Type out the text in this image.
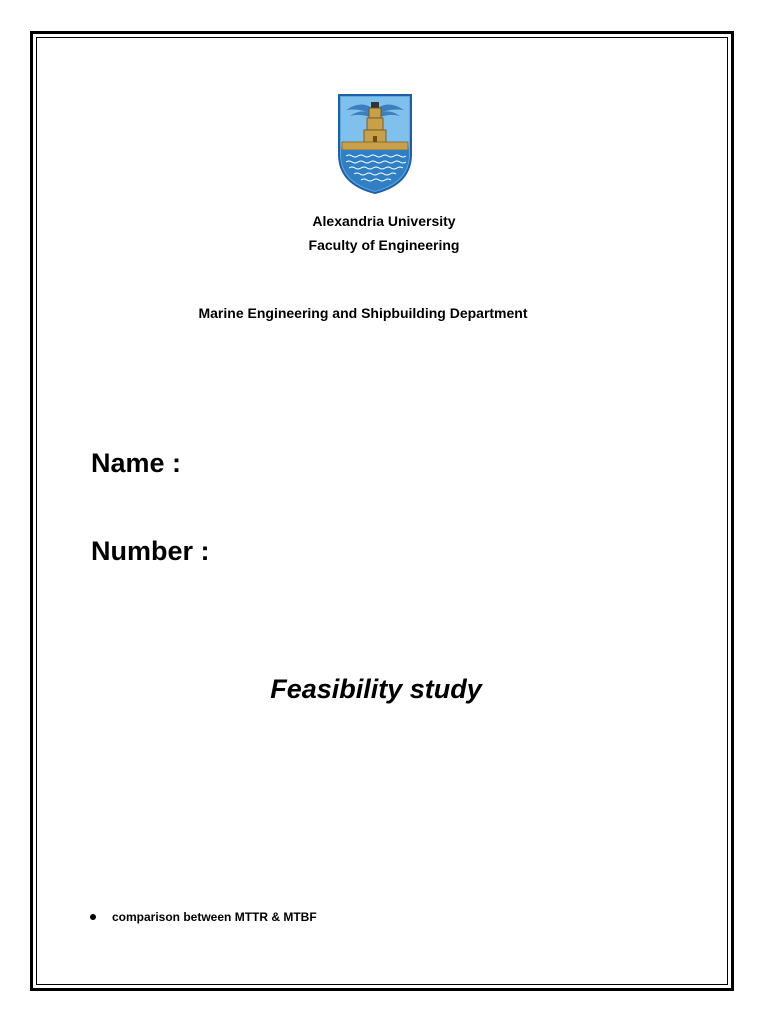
Alexandria University
Faculty of Engineering
Marine Engineering and Shipbuilding Department
Name :
Number :
Feasibility study
comparison between MTTR & MTBF
